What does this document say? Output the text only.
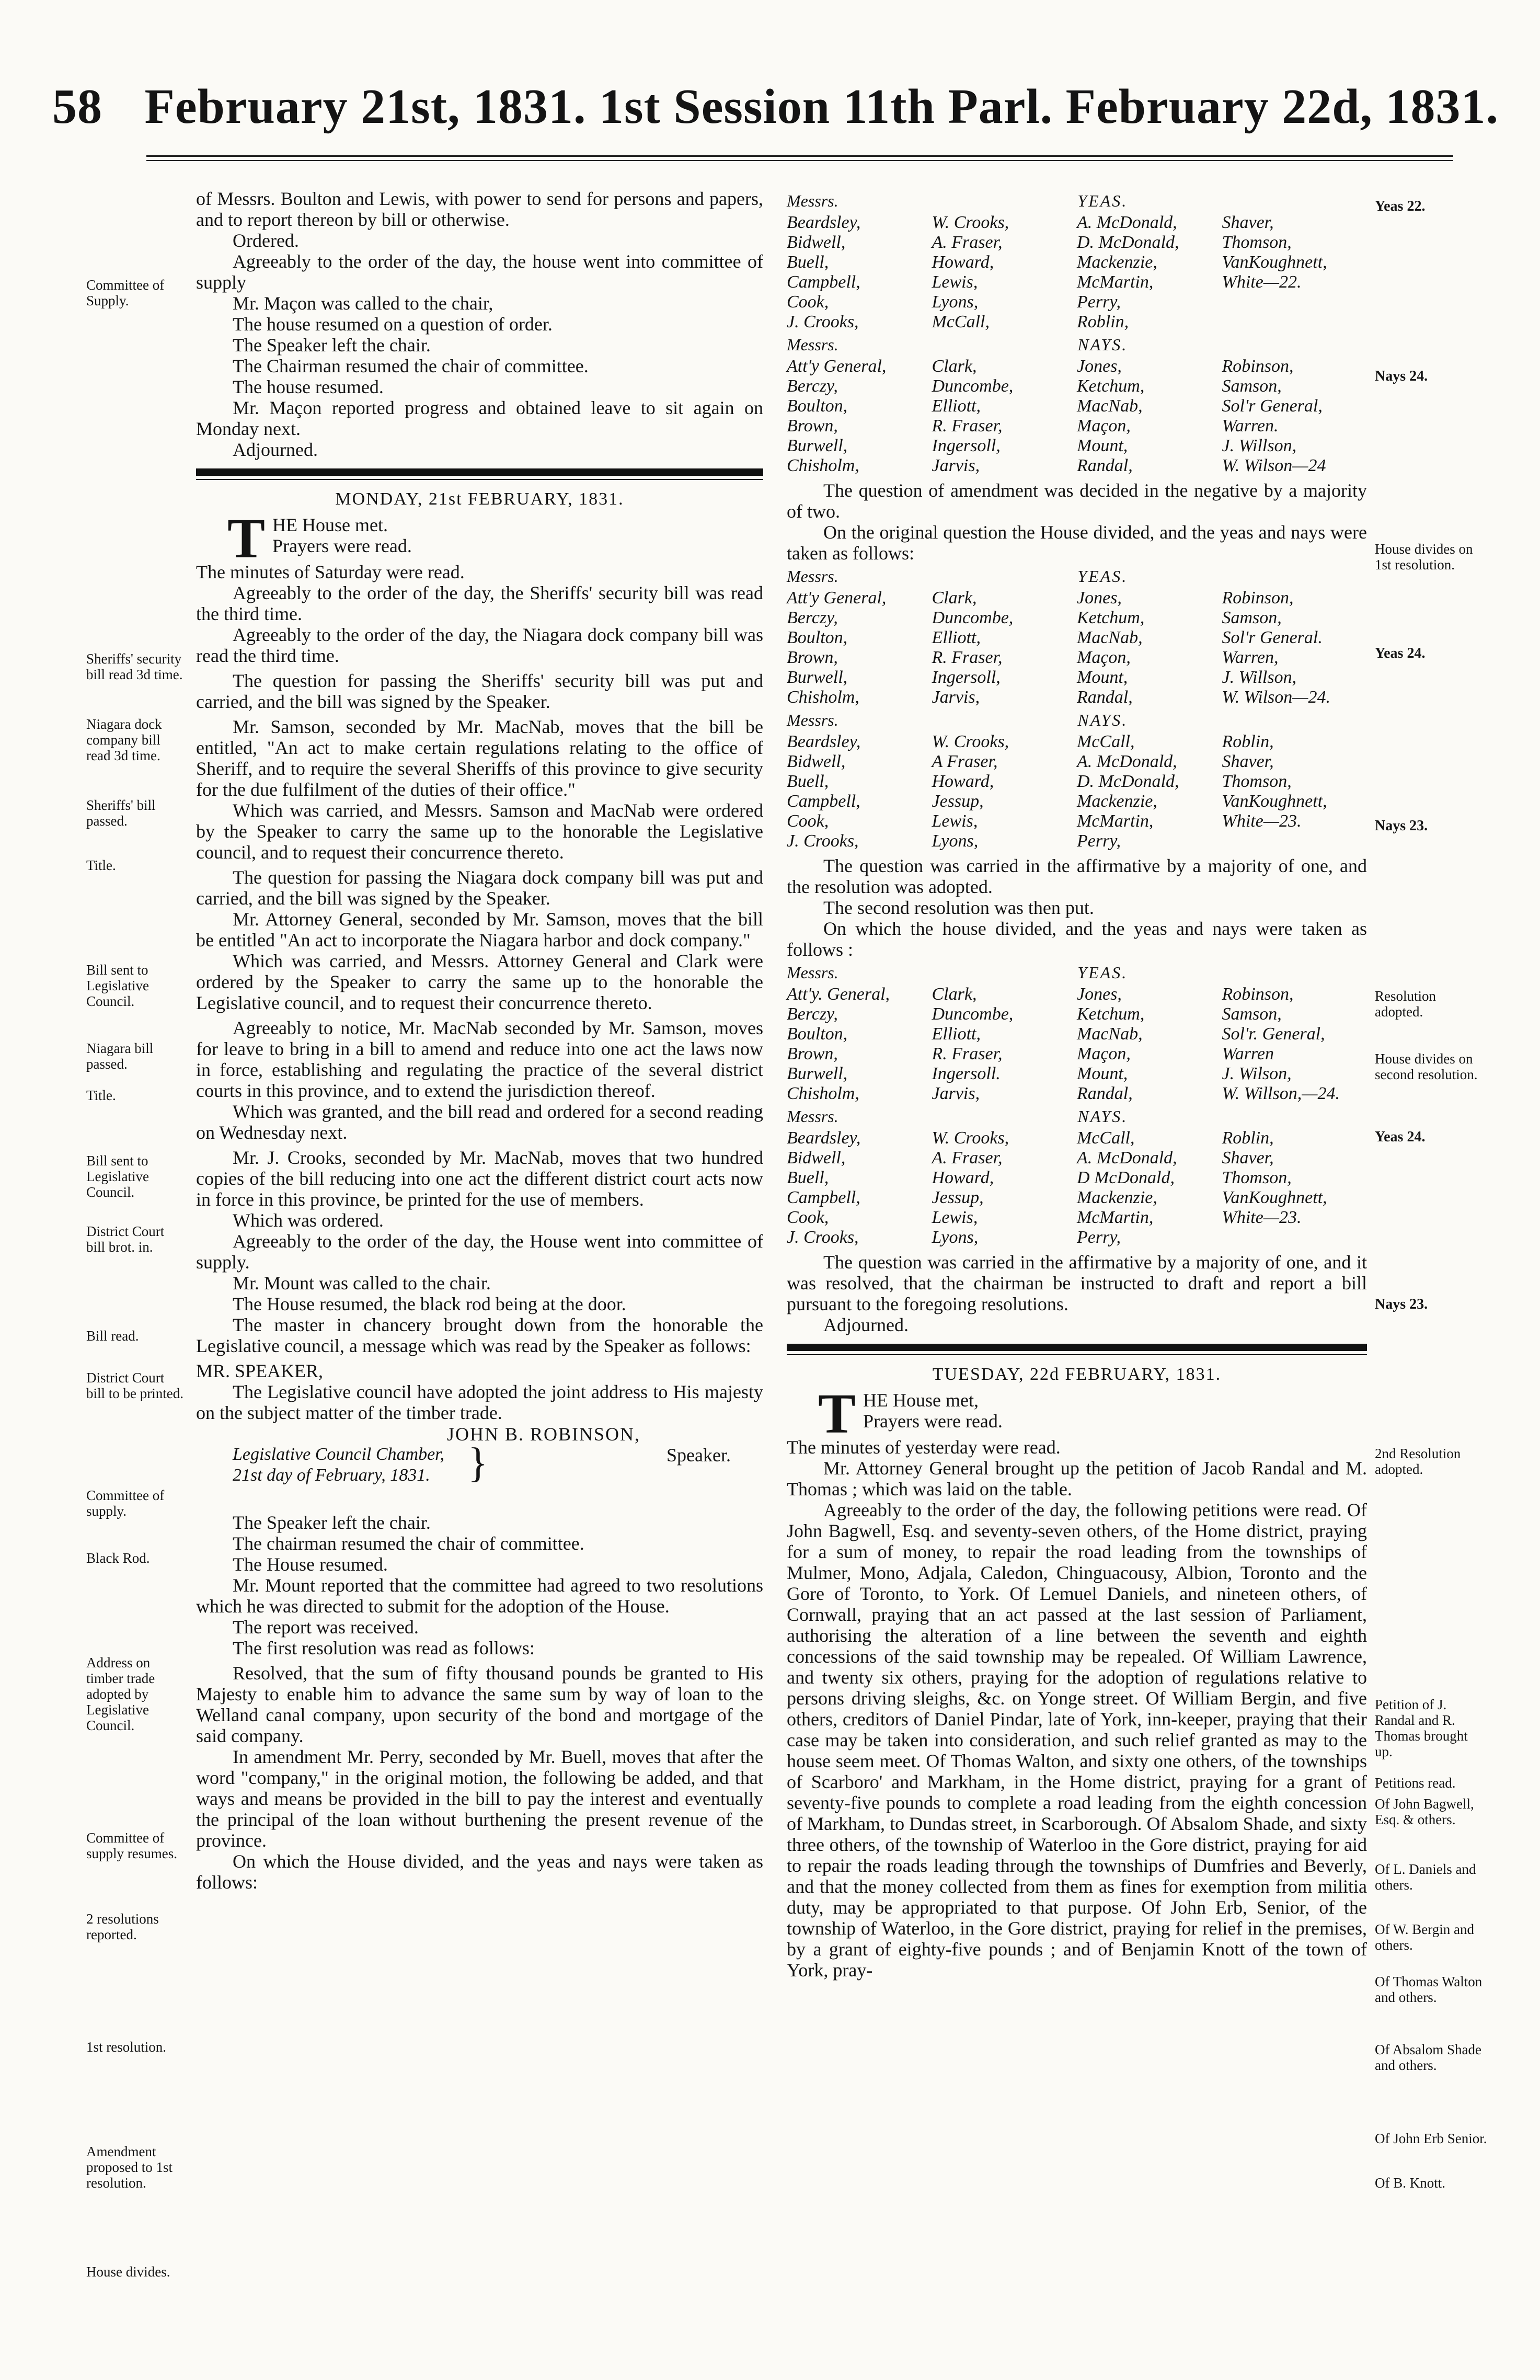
58 February 21st, 1831. 1st Session 11th Parl. February 22d, 1831.
Committee of Supply.
Sheriffs' security bill read 3d time.
Niagara dock company bill read 3d time.
Sheriffs' bill passed.
Title.
Bill sent to Legislative Council.
Niagara bill passed.
Title.
Bill sent to Legislative Council.
District Court bill brot. in.
Bill read.
District Court bill to be printed.
Committee of supply.
Black Rod.
Address on timber trade adopted by Legislative Council.
Committee of supply resumes.
2 resolutions reported.
1st resolution.
Amendment proposed to 1st resolution.
House divides.

of Messrs. Boulton and Lewis, with power to send for persons and papers, and to report thereon by bill or otherwise.

Ordered.

Agreeably to the order of the day, the house went into committee of supply

Mr. Maçon was called to the chair,

The house resumed on a question of order.

The Speaker left the chair.

The Chairman resumed the chair of committee.

The house resumed.

Mr. Maçon reported progress and obtained leave to sit again on Monday next.

Adjourned.

MONDAY, 21st FEBRUARY, 1831.

THE House met.

Prayers were read.

The minutes of Saturday were read.

Agreeably to the order of the day, the Sheriffs' security bill was read the third time.

Agreeably to the order of the day, the Niagara dock company bill was read the third time.

The question for passing the Sheriffs' security bill was put and carried, and the bill was signed by the Speaker.

Mr. Samson, seconded by Mr. MacNab, moves that the bill be entitled, "An act to make certain regulations relating to the office of Sheriff, and to require the several Sheriffs of this province to give security for the due fulfilment of the duties of their office."

Which was carried, and Messrs. Samson and MacNab were ordered by the Speaker to carry the same up to the honorable the Legislative council, and to request their concurrence thereto.

The question for passing the Niagara dock company bill was put and carried, and the bill was signed by the Speaker.

Mr. Attorney General, seconded by Mr. Samson, moves that the bill be entitled "An act to incorporate the Niagara harbor and dock company."

Which was carried, and Messrs. Attorney General and Clark were ordered by the Speaker to carry the same up to the honorable the Legislative council, and to request their concurrence thereto.

Agreeably to notice, Mr. MacNab seconded by Mr. Samson, moves for leave to bring in a bill to amend and reduce into one act the laws now in force, establishing and regulating the practice of the several district courts in this province, and to extend the jurisdiction thereof.

Which was granted, and the bill read and ordered for a second reading on Wednesday next.

Mr. J. Crooks, seconded by Mr. MacNab, moves that two hundred copies of the bill reducing into one act the different district court acts now in force in this province, be printed for the use of members.

Which was ordered.

Agreeably to the order of the day, the House went into committee of supply.

Mr. Mount was called to the chair.

The House resumed, the black rod being at the door.

The master in chancery brought down from the honorable the Legislative council, a message which was read by the Speaker as follows:

MR. SPEAKER,

The Legislative council have adopted the joint address to His majesty on the subject matter of the timber trade.

JOHN B. ROBINSON,
Legislative Council Chamber,
21st day of February, 1831. }	Speaker.

The Speaker left the chair.

The chairman resumed the chair of committee.

The House resumed.

Mr. Mount reported that the committee had agreed to two resolutions which he was directed to submit for the adoption of the House.

The report was received.

The first resolution was read as follows:

Resolved, that the sum of fifty thousand pounds be granted to His Majesty to enable him to advance the same sum by way of loan to the Welland canal company, upon security of the bond and mortgage of the said company.

In amendment Mr. Perry, seconded by Mr. Buell, moves that after the word "company," in the original motion, the following be added, and that ways and means be provided in the bill to pay the interest and eventually the principal of the loan without burthening the present revenue of the province.

On which the House divided, and the yeas and nays were taken as follows:

Yeas 22.
Nays 24.
House divides on 1st resolution.
Yeas 24.
Nays 23.
Resolution adopted.
House divides on second resolution.
Yeas 24.
Nays 23.
2nd Resolution adopted.
Petition of J. Randal and R. Thomas brought up.
Petitions read.
Of John Bagwell, Esq. & others.
Of L. Daniels and others.
Of W. Bergin and others.
Of Thomas Walton and others.
Of Absalom Shade and others.
Of John Erb Senior.
Of B. Knott.
Messrs.	YEAS.
Beardsley,	W. Crooks,	A. McDonald,	Shaver,
Bidwell,	A. Fraser,	D. McDonald,	Thomson,
Buell,	Howard,	Mackenzie,	VanKoughnett,
Campbell,	Lewis,	McMartin,	White—22.
Cook,	Lyons,	Perry,	
J. Crooks,	McCall,	Roblin,	
Messrs.	NAYS.
Att'y General,	Clark,	Jones,	Robinson,
Berczy,	Duncombe,	Ketchum,	Samson,
Boulton,	Elliott,	MacNab,	Sol'r General,
Brown,	R. Fraser,	Maçon,	Warren.
Burwell,	Ingersoll,	Mount,	J. Willson,
Chisholm,	Jarvis,	Randal,	W. Wilson—24

The question of amendment was decided in the negative by a majority of two.

On the original question the House divided, and the yeas and nays were taken as follows:

Messrs.	YEAS.
Att'y General,	Clark,	Jones,	Robinson,
Berczy,	Duncombe,	Ketchum,	Samson,
Boulton,	Elliott,	MacNab,	Sol'r General.
Brown,	R. Fraser,	Maçon,	Warren,
Burwell,	Ingersoll,	Mount,	J. Willson,
Chisholm,	Jarvis,	Randal,	W. Wilson—24.
Messrs.	NAYS.
Beardsley,	W. Crooks,	McCall,	Roblin,
Bidwell,	A Fraser,	A. McDonald,	Shaver,
Buell,	Howard,	D. McDonald,	Thomson,
Campbell,	Jessup,	Mackenzie,	VanKoughnett,
Cook,	Lewis,	McMartin,	White—23.
J. Crooks,	Lyons,	Perry,	

The question was carried in the affirmative by a majority of one, and the resolution was adopted.

The second resolution was then put.

On which the house divided, and the yeas and nays were taken as follows :

Messrs.	YEAS.
Att'y. General,	Clark,	Jones,	Robinson,
Berczy,	Duncombe,	Ketchum,	Samson,
Boulton,	Elliott,	MacNab,	Sol'r. General,
Brown,	R. Fraser,	Maçon,	Warren
Burwell,	Ingersoll.	Mount,	J. Wilson,
Chisholm,	Jarvis,	Randal,	W. Willson,—24.
Messrs.	NAYS.
Beardsley,	W. Crooks,	McCall,	Roblin,
Bidwell,	A. Fraser,	A. McDonald,	Shaver,
Buell,	Howard,	D McDonald,	Thomson,
Campbell,	Jessup,	Mackenzie,	VanKoughnett,
Cook,	Lewis,	McMartin,	White—23.
J. Crooks,	Lyons,	Perry,	

The question was carried in the affirmative by a majority of one, and it was resolved, that the chairman be instructed to draft and report a bill pursuant to the foregoing resolutions.

Adjourned.

TUESDAY, 22d FEBRUARY, 1831.

THE House met,

Prayers were read.

The minutes of yesterday were read.

Mr. Attorney General brought up the petition of Jacob Randal and M. Thomas ; which was laid on the table.

Agreeably to the order of the day, the following petitions were read. Of John Bagwell, Esq. and seventy-seven others, of the Home district, praying for a sum of money, to repair the road leading from the townships of Mulmer, Mono, Adjala, Caledon, Chinguacousy, Albion, Toronto and the Gore of Toronto, to York. Of Lemuel Daniels, and nineteen others, of Cornwall, praying that an act passed at the last session of Parliament, authorising the alteration of a line between the seventh and eighth concessions of the said township may be repealed. Of William Lawrence, and twenty six others, praying for the adoption of regulations relative to persons driving sleighs, &c. on Yonge street. Of William Bergin, and five others, creditors of Daniel Pindar, late of York, inn-keeper, praying that their case may be taken into consideration, and such relief granted as may to the house seem meet. Of Thomas Walton, and sixty one others, of the townships of Scarboro' and Markham, in the Home district, praying for a grant of seventy-five pounds to complete a road leading from the eighth concession of Markham, to Dundas street, in Scarborough. Of Absalom Shade, and sixty three others, of the township of Waterloo in the Gore district, praying for aid to repair the roads leading through the townships of Dumfries and Beverly, and that the money collected from them as fines for exemption from militia duty, may be appropriated to that purpose. Of John Erb, Senior, of the township of Waterloo, in the Gore district, praying for relief in the premises, by a grant of eighty-five pounds ; and of Benjamin Knott of the town of York, pray-
